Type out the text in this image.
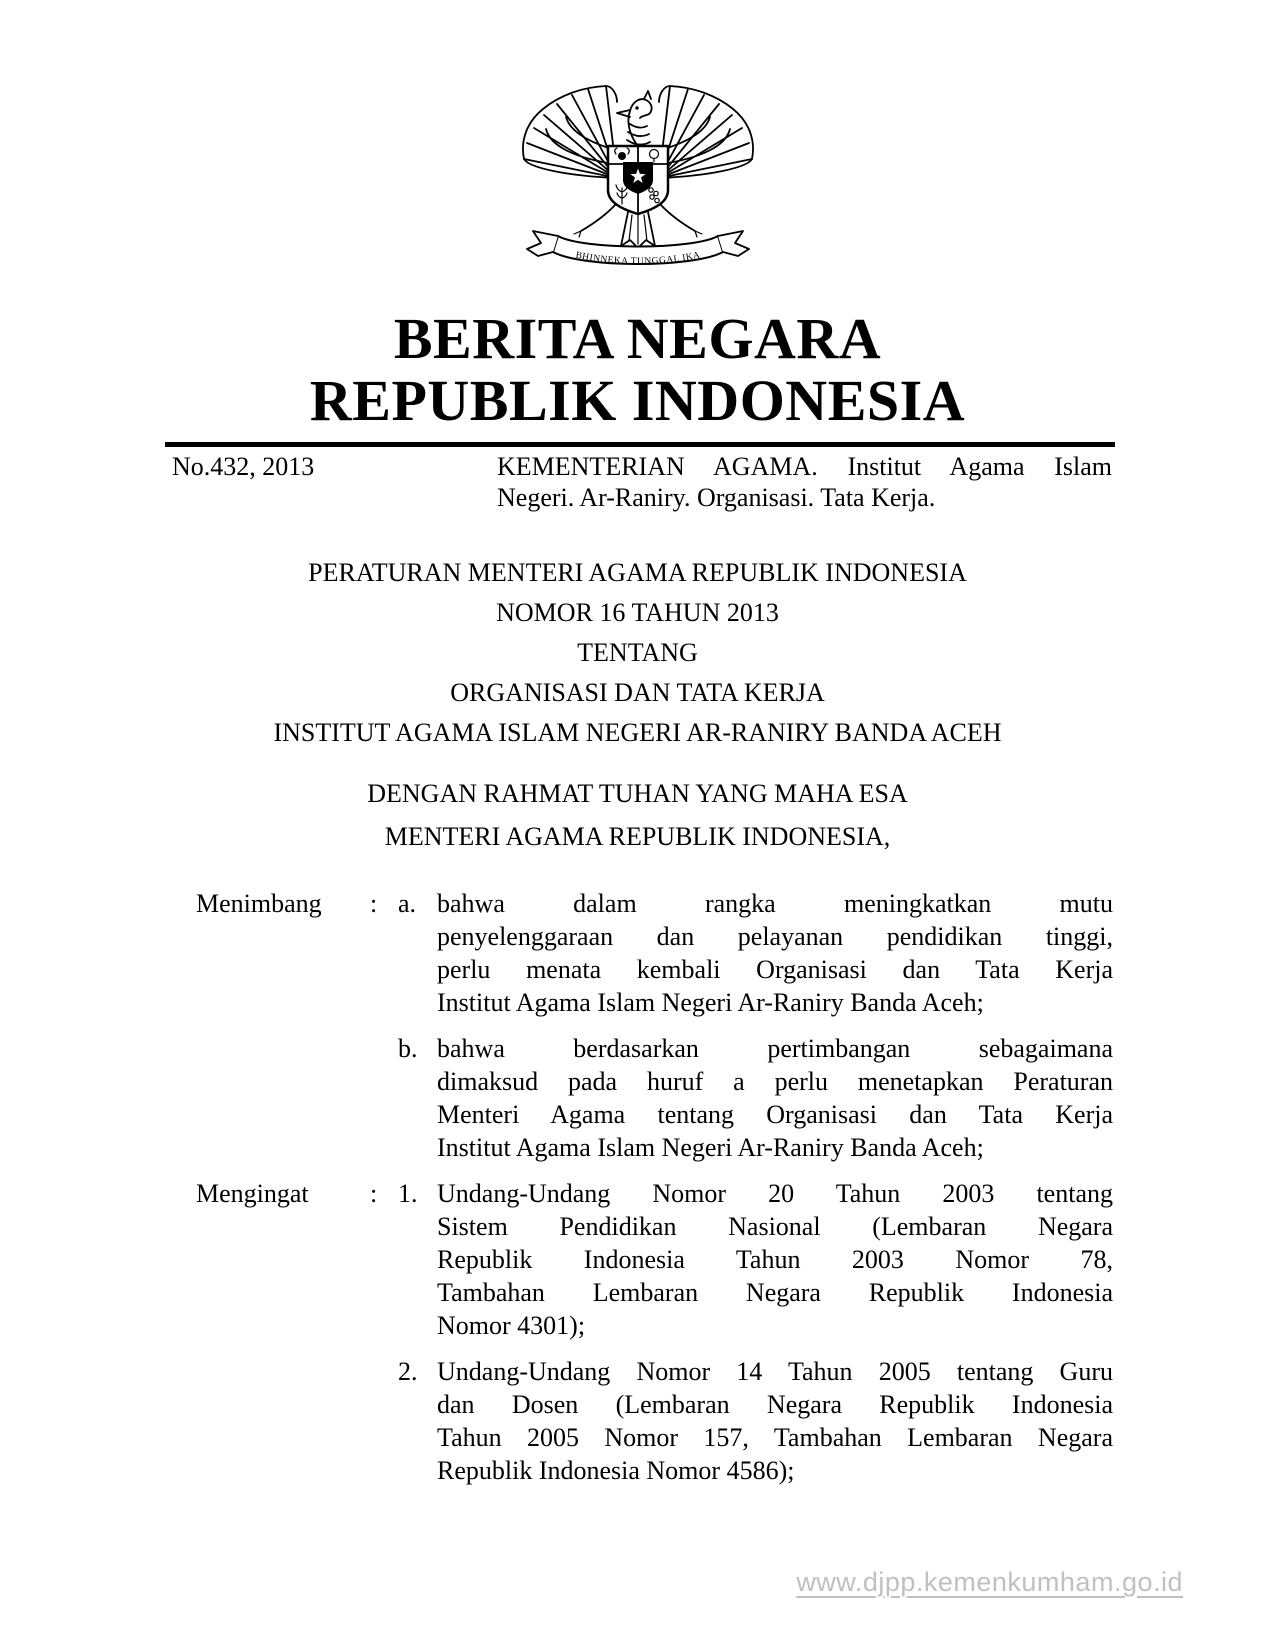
BHINNEKA TUNGGAL IKA
BERITA NEGARA
REPUBLIK INDONESIA
No.432, 2013	KEMENTERIAN AGAMA. Institut Agama Islam
Negeri. Ar-Raniry. Organisasi. Tata Kerja.
PERATURAN MENTERI AGAMA REPUBLIK INDONESIA
NOMOR 16 TAHUN 2013
TENTANG
ORGANISASI DAN TATA KERJA
INSTITUT AGAMA ISLAM NEGERI AR-RANIRY BANDA ACEH
DENGAN RAHMAT TUHAN YANG MAHA ESA
MENTERI AGAMA REPUBLIK INDONESIA,
Menimbang	: a. bahwa dalam rangka meningkatkan mutu
penyelenggaraan dan pelayanan pendidikan tinggi,
perlu menata kembali Organisasi dan Tata Kerja
Institut Agama Islam Negeri Ar-Raniry Banda Aceh;
b. bahwa berdasarkan pertimbangan sebagaimana
dimaksud pada huruf a perlu menetapkan Peraturan
Menteri Agama tentang Organisasi dan Tata Kerja
Institut Agama Islam Negeri Ar-Raniry Banda Aceh;
Mengingat	: 1. Undang-Undang Nomor 20 Tahun 2003 tentang
Sistem Pendidikan Nasional (Lembaran Negara
Republik Indonesia Tahun 2003 Nomor 78,
Tambahan Lembaran Negara Republik Indonesia
Nomor 4301);
2. Undang-Undang Nomor 14 Tahun 2005 tentang Guru
dan Dosen (Lembaran Negara Republik Indonesia
Tahun 2005 Nomor 157, Tambahan Lembaran Negara
Republik Indonesia Nomor 4586);
www.djpp.kemenkumham.go.id
